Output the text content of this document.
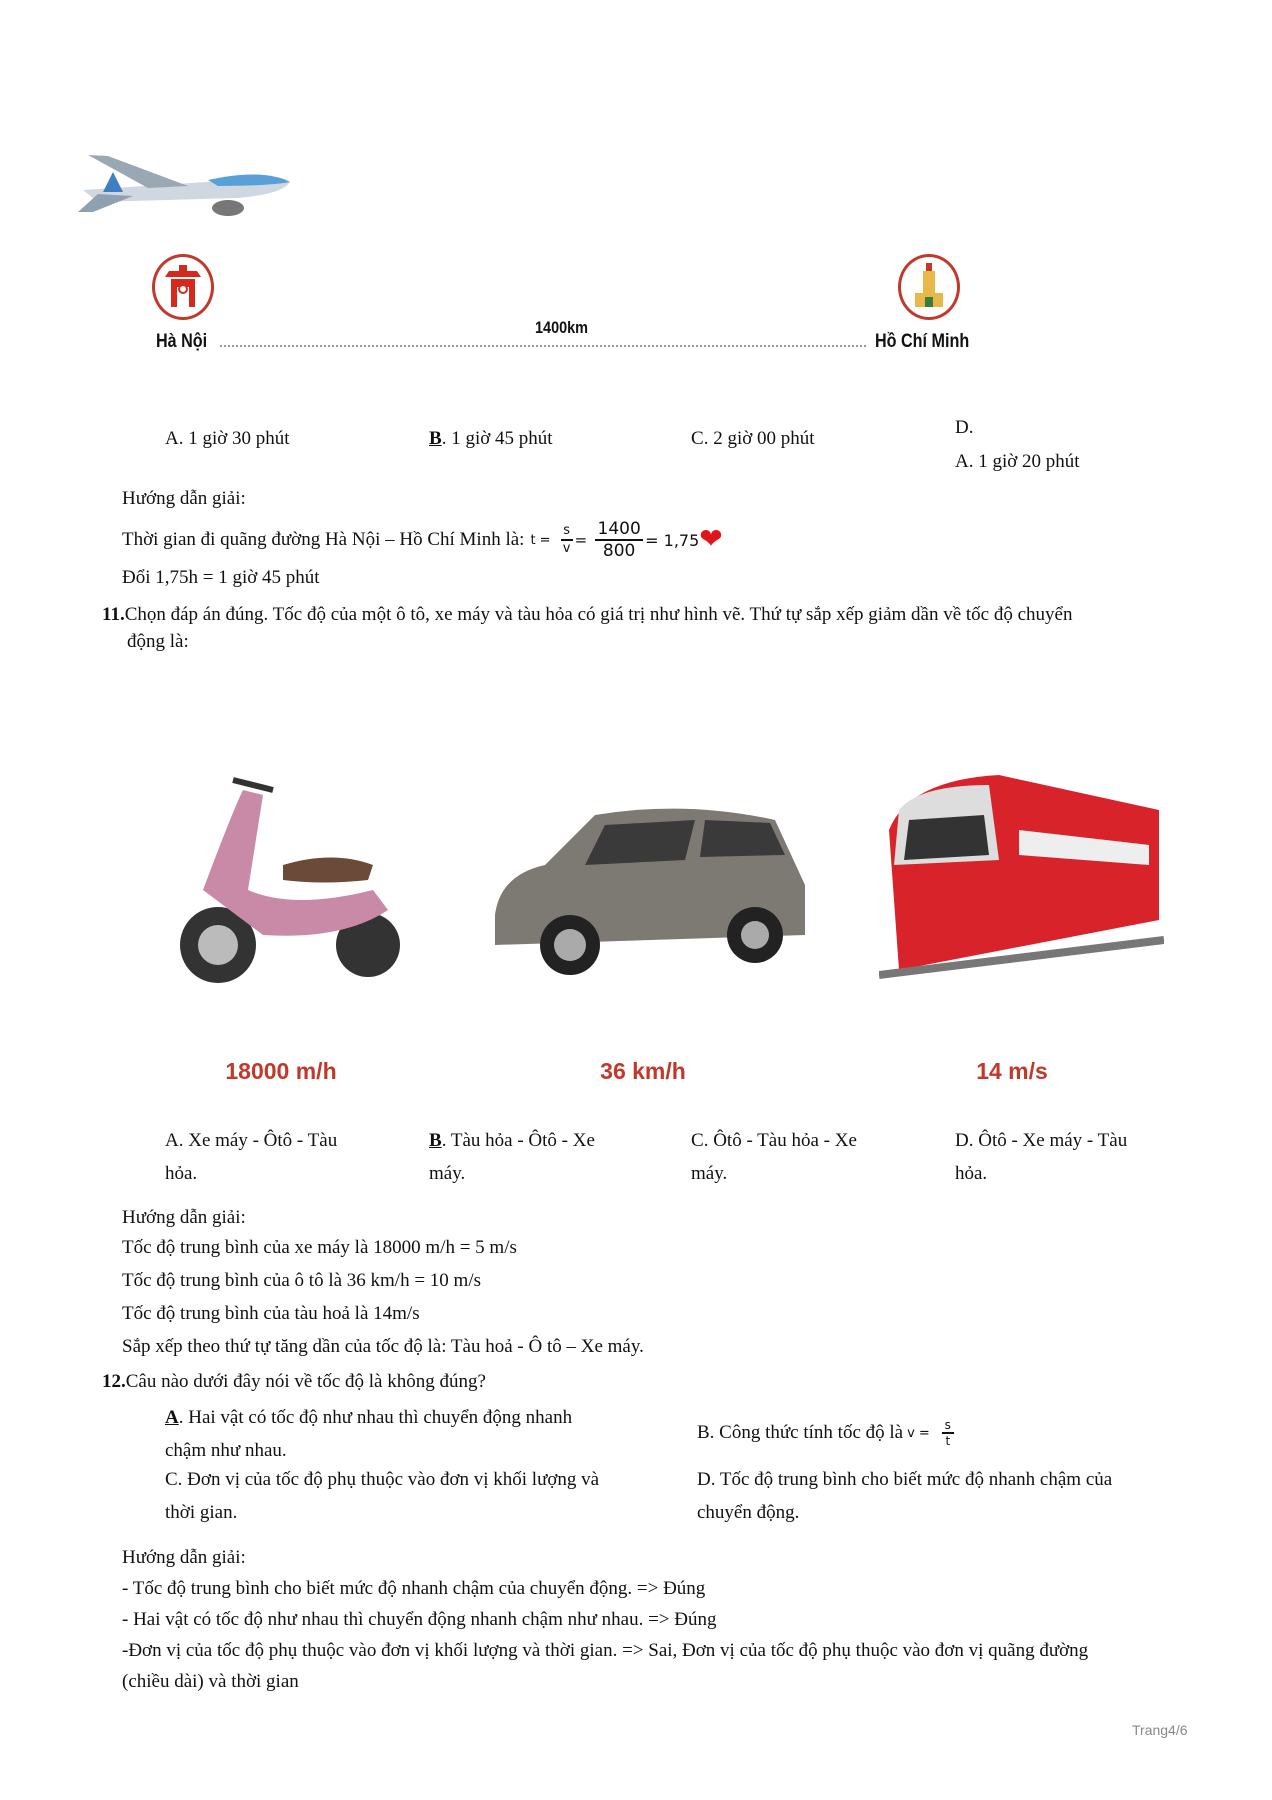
Hà Nội
1400km
Hồ Chí Minh
A. 1 giờ 30 phút	B. 1 giờ 45 phút	C. 2 giờ 00 phút
D.
A. 1 giờ 20 phút
Hướng dẫn giải:
Thời gian đi quãng đường Hà Nội – Hồ Chí Minh là: $t = \frac{s}{v} = \frac{1400}{800} = 1,75$ ❤
Đổi 1,75h = 1 giờ 45 phút
11.Chọn đáp án đúng. Tốc độ của một ô tô, xe máy và tàu hỏa có giá trị như hình vẽ. Thứ tự sắp xếp giảm dần về tốc độ chuyển
động là:
18000 m/h	36 km/h	14 m/s
A. Xe máy - Ôtô - Tàu
hỏa.
B. Tàu hỏa - Ôtô - Xe
máy.
C. Ôtô - Tàu hỏa - Xe
máy.
D. Ôtô - Xe máy - Tàu
hỏa.
Hướng dẫn giải:
Tốc độ trung bình của xe máy là 18000 m/h = 5 m/s
Tốc độ trung bình của ô tô là 36 km/h = 10 m/s
Tốc độ trung bình của tàu hoả là 14m/s
Sắp xếp theo thứ tự tăng dần của tốc độ là: Tàu hoả - Ô tô – Xe máy.
12.Câu nào dưới đây nói về tốc độ là không đúng?
A. Hai vật có tốc độ như nhau thì chuyển động nhanh
chậm như nhau.
B. Công thức tính tốc độ là $v = \frac{s}{t}$
C. Đơn vị của tốc độ phụ thuộc vào đơn vị khối lượng và
thời gian.
D. Tốc độ trung bình cho biết mức độ nhanh chậm của
chuyển động.
Hướng dẫn giải:
- Tốc độ trung bình cho biết mức độ nhanh chậm của chuyển động. => Đúng
- Hai vật có tốc độ như nhau thì chuyển động nhanh chậm như nhau. => Đúng
-Đơn vị của tốc độ phụ thuộc vào đơn vị khối lượng và thời gian. => Sai, Đơn vị của tốc độ phụ thuộc vào đơn vị quãng đường
(chiều dài) và thời gian
Trang4/6
